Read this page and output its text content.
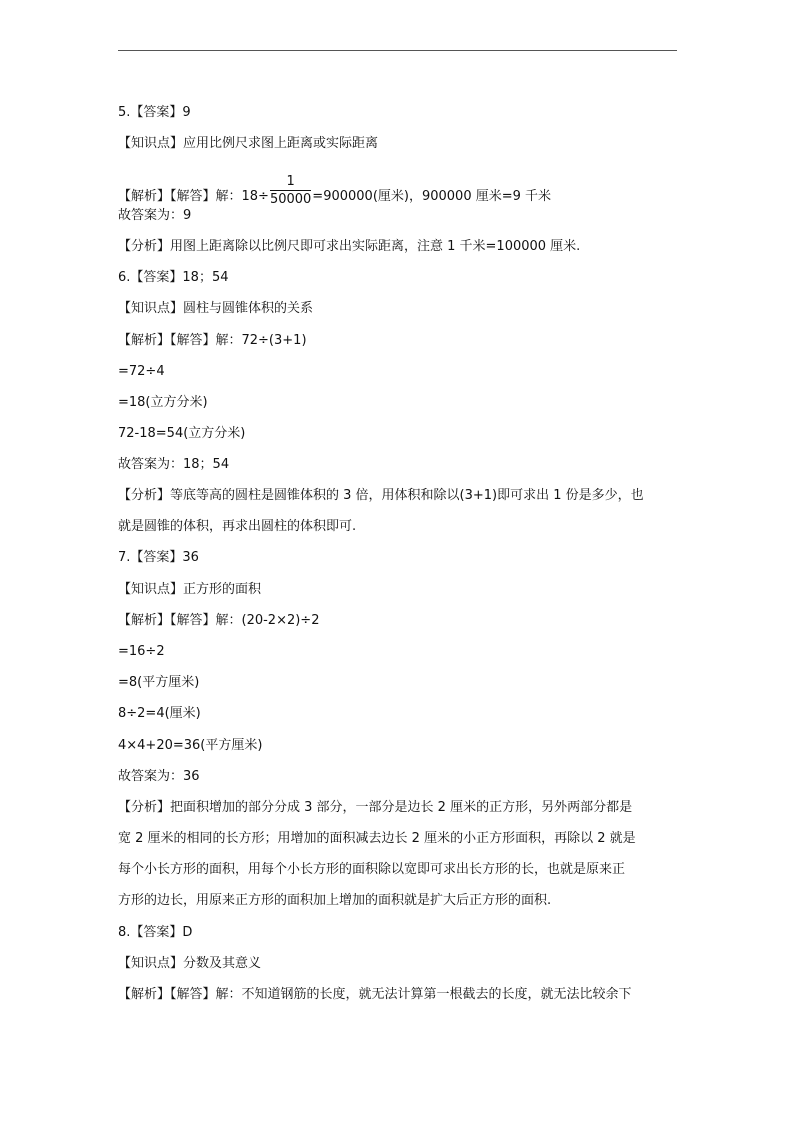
5.【答案】9
【知识点】应用比例尺求图上距离或实际距离
【解析】【解答】解：$18\div \frac{1}{50000} =900000$(厘米)，900000 厘米=9 千米
故答案为：9
【分析】用图上距离除以比例尺即可求出实际距离，注意 1 千米=100000 厘米.
6.【答案】18；54
【知识点】圆柱与圆锥体积的关系
【解析】【解答】解：72÷(3+1)
=72÷4
=18(立方分米)
72-18=54(立方分米)
故答案为：18；54
【分析】等底等高的圆柱是圆锥体积的 3 倍，用体积和除以(3+1)即可求出 1 份是多少，也
就是圆锥的体积，再求出圆柱的体积即可.
7.【答案】36
【知识点】正方形的面积
【解析】【解答】解：(20-2×2)÷2
=16÷2
=8(平方厘米)
8÷2=4(厘米)
4×4+20=36(平方厘米)
故答案为：36
【分析】把面积增加的部分分成 3 部分，一部分是边长 2 厘米的正方形，另外两部分都是
宽 2 厘米的相同的长方形；用增加的面积减去边长 2 厘米的小正方形面积，再除以 2 就是
每个小长方形的面积，用每个小长方形的面积除以宽即可求出长方形的长，也就是原来正
方形的边长，用原来正方形的面积加上增加的面积就是扩大后正方形的面积.
8.【答案】D
【知识点】分数及其意义
【解析】【解答】解：不知道钢筋的长度，就无法计算第一根截去的长度，就无法比较余下
